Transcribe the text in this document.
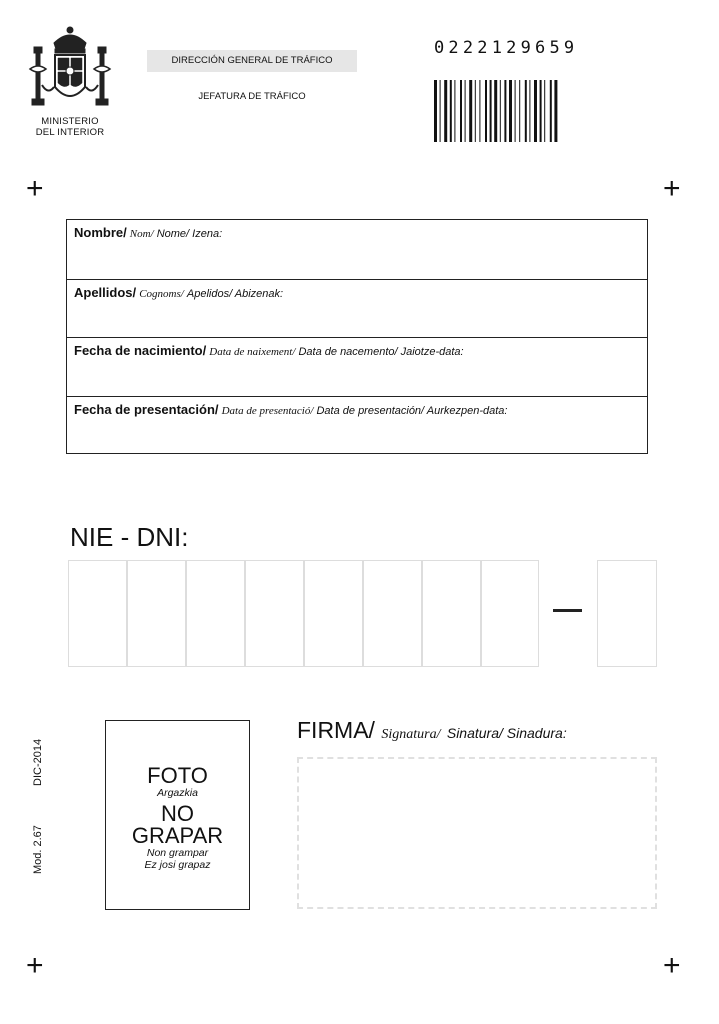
MINISTERIO
DEL INTERIOR
DIRECCIÓN GENERAL DE TRÁFICO
JEFATURA DE TRÁFICO
0222129659
+	+
+	+
Nombre/ Nom/ Nome/ Izena:
Apellidos/ Cognoms/ Apelidos/ Abizenak:
Fecha de nacimiento/ Data de naixement/ Data de nacemento/ Jaiotze-data:
Fecha de presentación/ Data de presentació/ Data de presentación/ Aurkezpen-data:
NIE - DNI:
DIC-2014
Mod. 2.67
FOTO
Argazkia
NO
GRAPAR
Non grampar
Ez josi grapaz
FIRMA/ Signatura/ Sinatura/ Sinadura:
